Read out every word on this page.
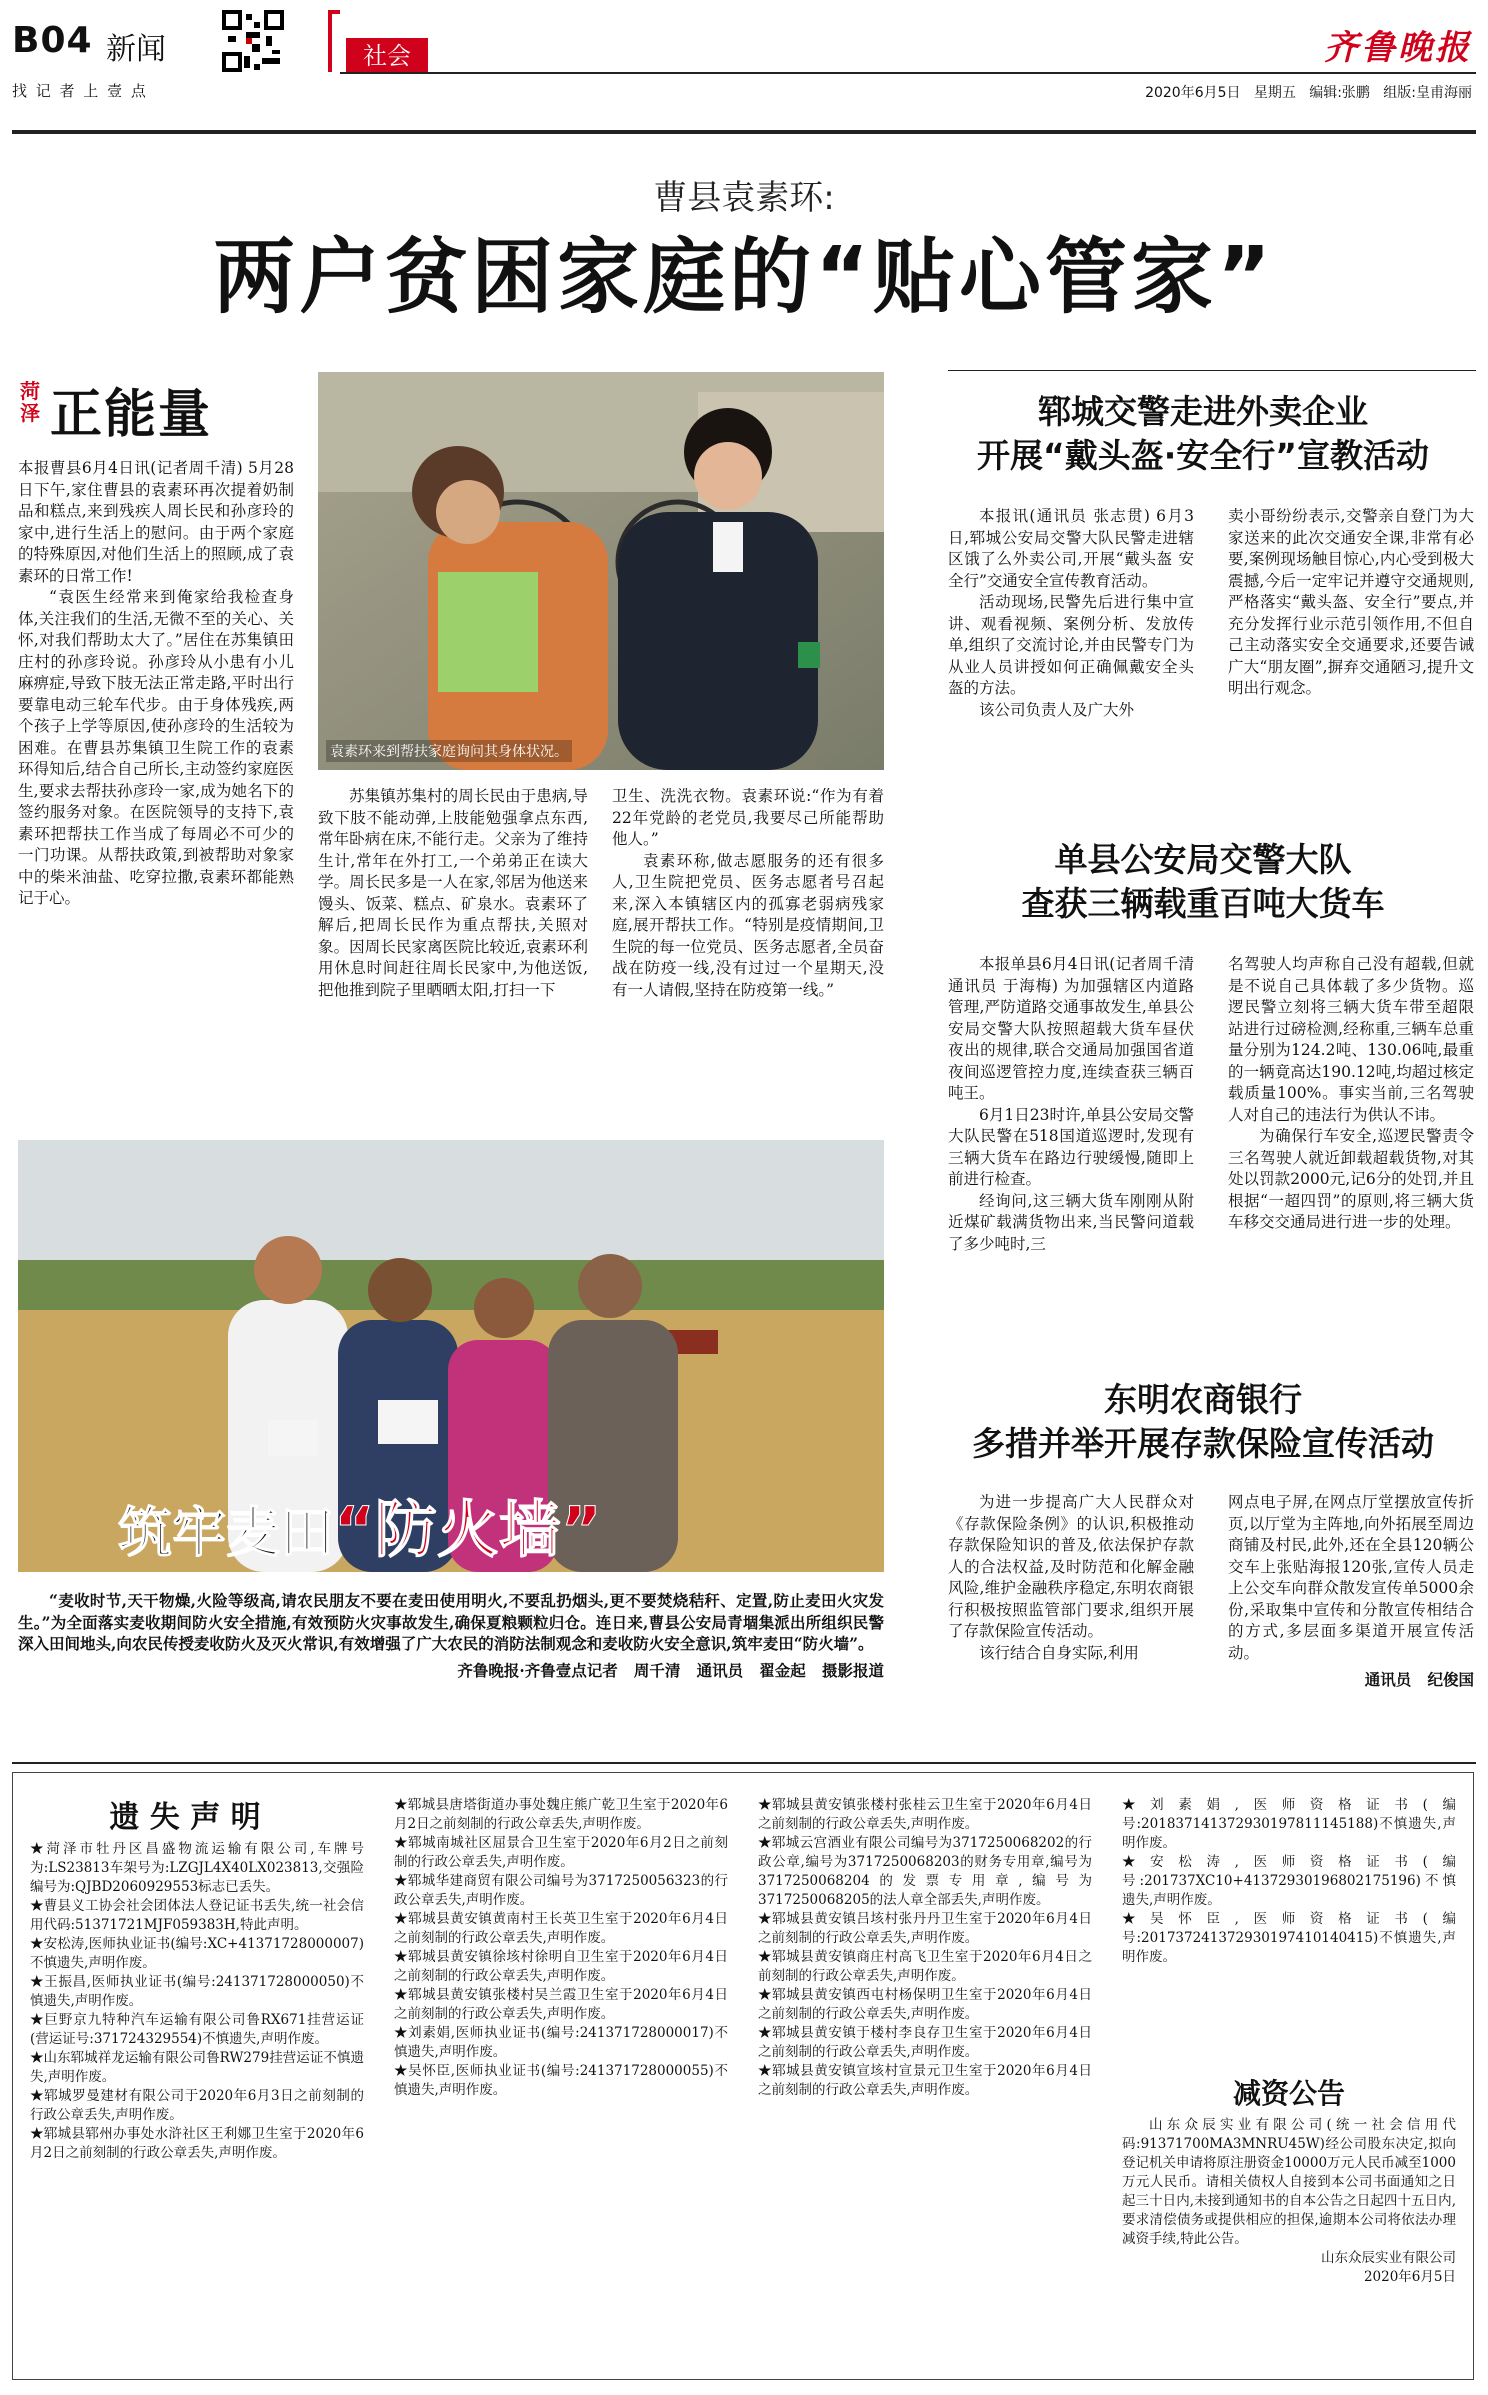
B04 新闻
找 记 者 上 壹 点
社会	齐鲁晚报
2020年6月5日   星期五   编辑:张鹏   组版:皇甫海丽
曹县袁素环:
两户贫困家庭的“贴心管家”
菏泽 正能量
本报曹县6月4日讯(记者周千清) 5月28日下午,家住曹县的袁素环再次提着奶制品和糕点,来到残疾人周长民和孙彦玲的家中,进行生活上的慰问。由于两个家庭的特殊原因,对他们生活上的照顾,成了袁素环的日常工作!
“袁医生经常来到俺家给我检查身体,关注我们的生活,无微不至的关心、关怀,对我们帮助太大了。”居住在苏集镇田庄村的孙彦玲说。孙彦玲从小患有小儿麻痹症,导致下肢无法正常走路,平时出行要靠电动三轮车代步。由于身体残疾,两个孩子上学等原因,使孙彦玲的生活较为困难。在曹县苏集镇卫生院工作的袁素环得知后,结合自己所长,主动签约家庭医生,要求去帮扶孙彦玲一家,成为她名下的签约服务对象。在医院领导的支持下,袁素环把帮扶工作当成了每周必不可少的一门功课。从帮扶政策,到被帮助对象家中的柴米油盐、吃穿拉撒,袁素环都能熟记于心。
袁素环来到帮扶家庭询问其身体状况。
苏集镇苏集村的周长民由于患病,导致下肢不能动弹,上肢能勉强拿点东西,常年卧病在床,不能行走。父亲为了维持生计,常年在外打工,一个弟弟正在读大学。周长民多是一人在家,邻居为他送来馒头、饭菜、糕点、矿泉水。袁素环了解后,把周长民作为重点帮扶,关照对象。因周长民家离医院比较近,袁素环利用休息时间赶往周长民家中,为他送饭,把他推到院子里晒晒太阳,打扫一下
卫生、洗洗衣物。袁素环说:“作为有着22年党龄的老党员,我要尽己所能帮助他人。”
袁素环称,做志愿服务的还有很多人,卫生院把党员、医务志愿者号召起来,深入本镇辖区内的孤寡老弱病残家庭,展开帮扶工作。“特别是疫情期间,卫生院的每一位党员、医务志愿者,全员奋战在防疫一线,没有过过一个星期天,没有一人请假,坚持在防疫第一线。”
筑牢麦田“防火墙”
“麦收时节,天干物燥,火险等级高,请农民朋友不要在麦田使用明火,不要乱扔烟头,更不要焚烧秸秆、定置,防止麦田火灾发生。”为全面落实麦收期间防火安全措施,有效预防火灾事故发生,确保夏粮颗粒归仓。连日来,曹县公安局青堌集派出所组织民警深入田间地头,向农民传授麦收防火及灭火常识,有效增强了广大农民的消防法制观念和麦收防火安全意识,筑牢麦田“防火墙”。
齐鲁晚报·齐鲁壹点记者   周千清   通讯员   翟金起   摄影报道
郓城交警走进外卖企业
开展“戴头盔·安全行”宣教活动
本报讯(通讯员 张志贯) 6月3日,郓城公安局交警大队民警走进辖区饿了么外卖公司,开展“戴头盔 安全行”交通安全宣传教育活动。
活动现场,民警先后进行集中宣讲、观看视频、案例分析、发放传单,组织了交流讨论,并由民警专门为从业人员讲授如何正确佩戴安全头盔的方法。
该公司负责人及广大外
卖小哥纷纷表示,交警亲自登门为大家送来的此次交通安全课,非常有必要,案例现场触目惊心,内心受到极大震撼,今后一定牢记并遵守交通规则,严格落实“戴头盔、安全行”要点,并充分发挥行业示范引领作用,不但自己主动落实安全交通要求,还要告诫广大“朋友圈”,摒弃交通陋习,提升文明出行观念。
单县公安局交警大队
查获三辆载重百吨大货车
本报单县6月4日讯(记者周千清 通讯员 于海梅) 为加强辖区内道路管理,严防道路交通事故发生,单县公安局交警大队按照超载大货车昼伏夜出的规律,联合交通局加强国省道夜间巡逻管控力度,连续查获三辆百吨王。
6月1日23时许,单县公安局交警大队民警在518国道巡逻时,发现有三辆大货车在路边行驶缓慢,随即上前进行检查。
经询问,这三辆大货车刚刚从附近煤矿载满货物出来,当民警问道载了多少吨时,三
名驾驶人均声称自己没有超载,但就是不说自己具体载了多少货物。巡逻民警立刻将三辆大货车带至超限站进行过磅检测,经称重,三辆车总重量分别为124.2吨、130.06吨,最重的一辆竟高达190.12吨,均超过核定载质量100%。事实当前,三名驾驶人对自己的违法行为供认不讳。
为确保行车安全,巡逻民警责令三名驾驶人就近卸载超载货物,对其处以罚款2000元,记6分的处罚,并且根据“一超四罚”的原则,将三辆大货车移交交通局进行进一步的处理。
东明农商银行
多措并举开展存款保险宣传活动
为进一步提高广大人民群众对《存款保险条例》的认识,积极推动存款保险知识的普及,依法保护存款人的合法权益,及时防范和化解金融风险,维护金融秩序稳定,东明农商银行积极按照监管部门要求,组织开展了存款保险宣传活动。
该行结合自身实际,利用
网点电子屏,在网点厅堂摆放宣传折页,以厅堂为主阵地,向外拓展至周边商铺及村民,此外,还在全县120辆公交车上张贴海报120张,宣传人员走上公交车向群众散发宣传单5000余份,采取集中宣传和分散宣传相结合的方式,多层面多渠道开展宣传活动。
通讯员   纪俊国
遗 失 声 明
★菏泽市牡丹区昌盛物流运输有限公司,车牌号为:LS23813车架号为:LZGJL4X40LX023813,交强险编号为:QJBD2060929553标志已丢失。
★曹县义工协会社会团体法人登记证书丢失,统一社会信用代码:51371721MJF059383H,特此声明。
★安松涛,医师执业证书(编号:XC+41371728000007)不慎遗失,声明作废。
★王振昌,医师执业证书(编号:241371728000050)不慎遗失,声明作废。
★巨野京九特种汽车运输有限公司鲁RX671挂营运证(营运证号:371724329554)不慎遗失,声明作废。
★山东郓城祥龙运输有限公司鲁RW279挂营运证不慎遗失,声明作废。
★郓城罗曼建材有限公司于2020年6月3日之前刻制的行政公章丢失,声明作废。
★郓城县郓州办事处水浒社区王利娜卫生室于2020年6月2日之前刻制的行政公章丢失,声明作废。
★郓城县唐塔街道办事处魏庄熊广乾卫生室于2020年6月2日之前刻制的行政公章丢失,声明作废。
★郓城南城社区屈景合卫生室于2020年6月2日之前刻制的行政公章丢失,声明作废。
★郓城华建商贸有限公司编号为371725005632​3的行政公章丢失,声明作废。
★郓城县黄安镇黄南村王长英卫生室于2020年6月4日之前刻制的行政公章丢失,声明作废。
★郓城县黄安镇徐垓村徐明自卫生室于2020年6月4日之前刻制的行政公章丢失,声明作废。
★郓城县黄安镇张楼村吴兰霞卫生室于2020年6月4日之前刻制的行政公章丢失,声明作废。
★刘素娟,医师执业证书(编号:241371728000017)不慎遗失,声明作废。
★吴怀臣,医师执业证书(编号:241371728000055)不慎遗失,声明作废。
★郓城县黄安镇张楼村张桂云卫生室于2020年6月4日之前刻制的行政公章丢失,声明作废。
★郓城云宫酒业有限公司编号为3717250068202的行政公章,编号为3717250068203的财务专用章,编号为3717250068204的发票专用章,编号为3717250068205的法人章全部丢失,声明作废。
★郓城县黄安镇吕垓村张丹丹卫生室于2020年6月4日之前刻制的行政公章丢失,声明作废。
★郓城县黄安镇商庄村高飞卫生室于2020年6月4日之前刻制的行政公章丢失,声明作废。
★郓城县黄安镇西屯村杨保明卫生室于2020年6月4日之前刻制的行政公章丢失,声明作废。
★郓城县黄安镇于楼村李良存卫生室于2020年6月4日之前刻制的行政公章丢失,声明作废。
★郓城县黄安镇宣垓村宣景元卫生室于2020年6月4日之前刻制的行政公章丢失,声明作废。
★刘素娟,医师资格证书(编号:201837141372930197811145188)不慎遗失,声明作废。
★安松涛,医师资格证书(编号:201737XC10+413729301968​02175196)不慎遗失,声明作废。
★吴怀臣,医师资格证书(编号:201737241372930197410140415)不慎遗失,声明作废。
减资公告
山东众辰实业有限公司(统一社会信用代码:91371700MA3MNRU45W)经公司股东决定,拟向登记机关申请将原注册资金10000万元人民币减至1000万元人民币。请相关债权人自接到本公司书面通知之日起三十日内,未接到通知书的自本公告之日起四十五日内,要求清偿债务或提供相应的担保,逾期本公司将依法办理减资手续,特此公告。
山东众辰实业有限公司
2020年6月5日
